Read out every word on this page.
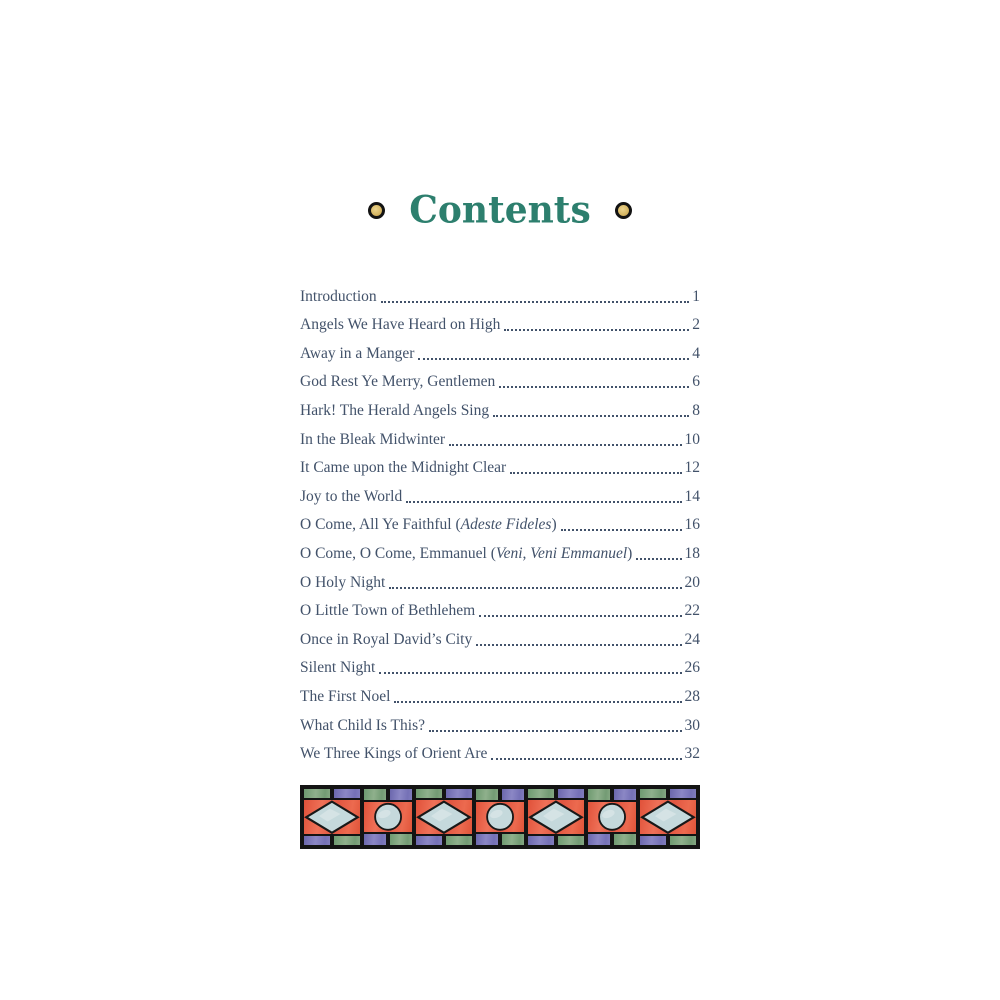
Contents
Introduction	1
Angels We Have Heard on High	2
Away in a Manger	4
God Rest Ye Merry, Gentlemen	6
Hark! The Herald Angels Sing	8
In the Bleak Midwinter	10
It Came upon the Midnight Clear	12
Joy to the World	14
O Come, All Ye Faithful (Adeste Fideles)	16
O Come, O Come, Emmanuel (Veni, Veni Emmanuel)	18
O Holy Night	20
O Little Town of Bethlehem	22
Once in Royal David’s City	24
Silent Night	26
The First Noel	28
What Child Is This?	30
We Three Kings of Orient Are	32
